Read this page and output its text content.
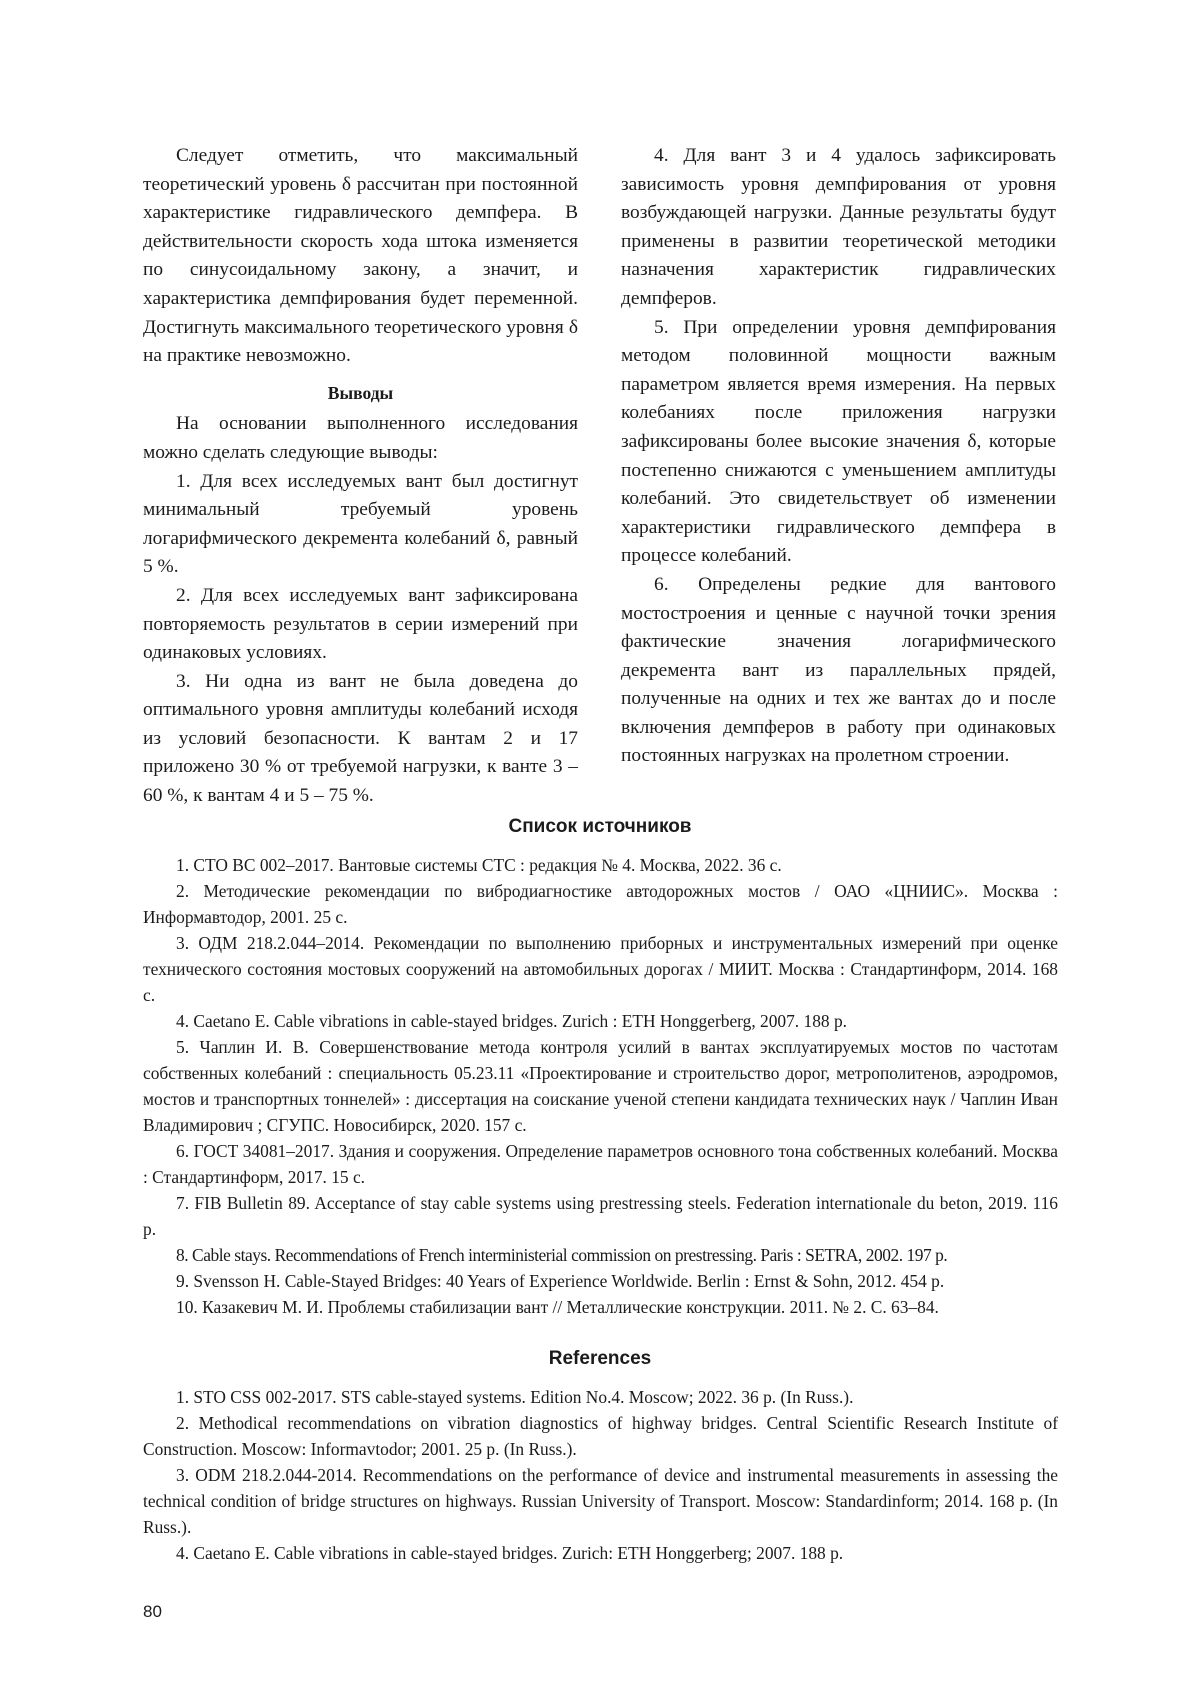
Следует отметить, что максимальный теоретический уровень δ рассчитан при постоянной характеристике гидравлического демпфера. В действительности скорость хода штока изменяется по синусоидальному закону, а значит, и характеристика демпфирования будет переменной. Достигнуть максимального теоретического уровня δ на практике невозможно.

Выводы

На основании выполненного исследования можно сделать следующие выводы:

1. Для всех исследуемых вант был достигнут минимальный требуемый уровень логарифмического декремента колебаний δ, равный 5 %.

2. Для всех исследуемых вант зафиксирована повторяемость результатов в серии измерений при одинаковых условиях.

3. Ни одна из вант не была доведена до оптимального уровня амплитуды колебаний исходя из условий безопасности. К вантам 2 и 17 приложено 30 % от требуемой нагрузки, к ванте 3 – 60 %, к вантам 4 и 5 – 75 %.

4. Для вант 3 и 4 удалось зафиксировать зависимость уровня демпфирования от уровня возбуждающей нагрузки. Данные результаты будут применены в развитии теоретической методики назначения характеристик гидравлических демпферов.

5. При определении уровня демпфирования методом половинной мощности важным параметром является время измерения. На первых колебаниях после приложения нагрузки зафиксированы более высокие значения δ, которые постепенно снижаются с уменьшением амплитуды колебаний. Это свидетельствует об изменении характеристики гидравлического демпфера в процессе колебаний.

6. Определены редкие для вантового мостостроения и ценные с научной точки зрения фактические значения логарифмического декремента вант из параллельных прядей, полученные на одних и тех же вантах до и после включения демпферов в работу при одинаковых постоянных нагрузках на пролетном строении.

Список источников

1. СТО ВС 002–2017. Вантовые системы СТС : редакция № 4. Москва, 2022. 36 с.

2. Методические рекомендации по вибродиагностике автодорожных мостов / ОАО «ЦНИИС». Москва : Информавтодор, 2001. 25 с.

3. ОДМ 218.2.044–2014. Рекомендации по выполнению приборных и инструментальных измерений при оценке технического состояния мостовых сооружений на автомобильных дорогах / МИИТ. Москва : Стандартинформ, 2014. 168 с.

4. Caetano E. Cable vibrations in cable-stayed bridges. Zurich : ETH Honggerberg, 2007. 188 p.

5. Чаплин И. В. Совершенствование метода контроля усилий в вантах эксплуатируемых мостов по частотам собственных колебаний : специальность 05.23.11 «Проектирование и строительство дорог, метрополитенов, аэродромов, мостов и транспортных тоннелей» : диссертация на соискание ученой степени кандидата технических наук / Чаплин Иван Владимирович ; СГУПС. Новосибирск, 2020. 157 с.

6. ГОСТ 34081–2017. Здания и сооружения. Определение параметров основного тона собственных колебаний. Москва : Стандартинформ, 2017. 15 с.

7. FIB Bulletin 89. Acceptance of stay cable systems using prestressing steels. Federation internationale du beton, 2019. 116 p.

8. Cable stays. Recommendations of French interministerial commission on prestressing. Paris : SETRA, 2002. 197 p.

9. Svensson H. Cable-Stayed Bridges: 40 Years of Experience Worldwide. Berlin : Ernst & Sohn, 2012. 454 p.

10. Казакевич М. И. Проблемы стабилизации вант // Металлические конструкции. 2011. № 2. С. 63–84.

References

1. STO CSS 002-2017. STS cable-stayed systems. Edition No.4. Moscow; 2022. 36 p. (In Russ.).

2. Methodical recommendations on vibration diagnostics of highway bridges. Central Scientific Research Institute of Construction. Moscow: Informavtodor; 2001. 25 p. (In Russ.).

3. ODM 218.2.044-2014. Recommendations on the performance of device and instrumental measurements in assessing the technical condition of bridge structures on highways. Russian University of Transport. Moscow: Standardinform; 2014. 168 p. (In Russ.).

4. Caetano E. Cable vibrations in cable-stayed bridges. Zurich: ETH Honggerberg; 2007. 188 p.

80
